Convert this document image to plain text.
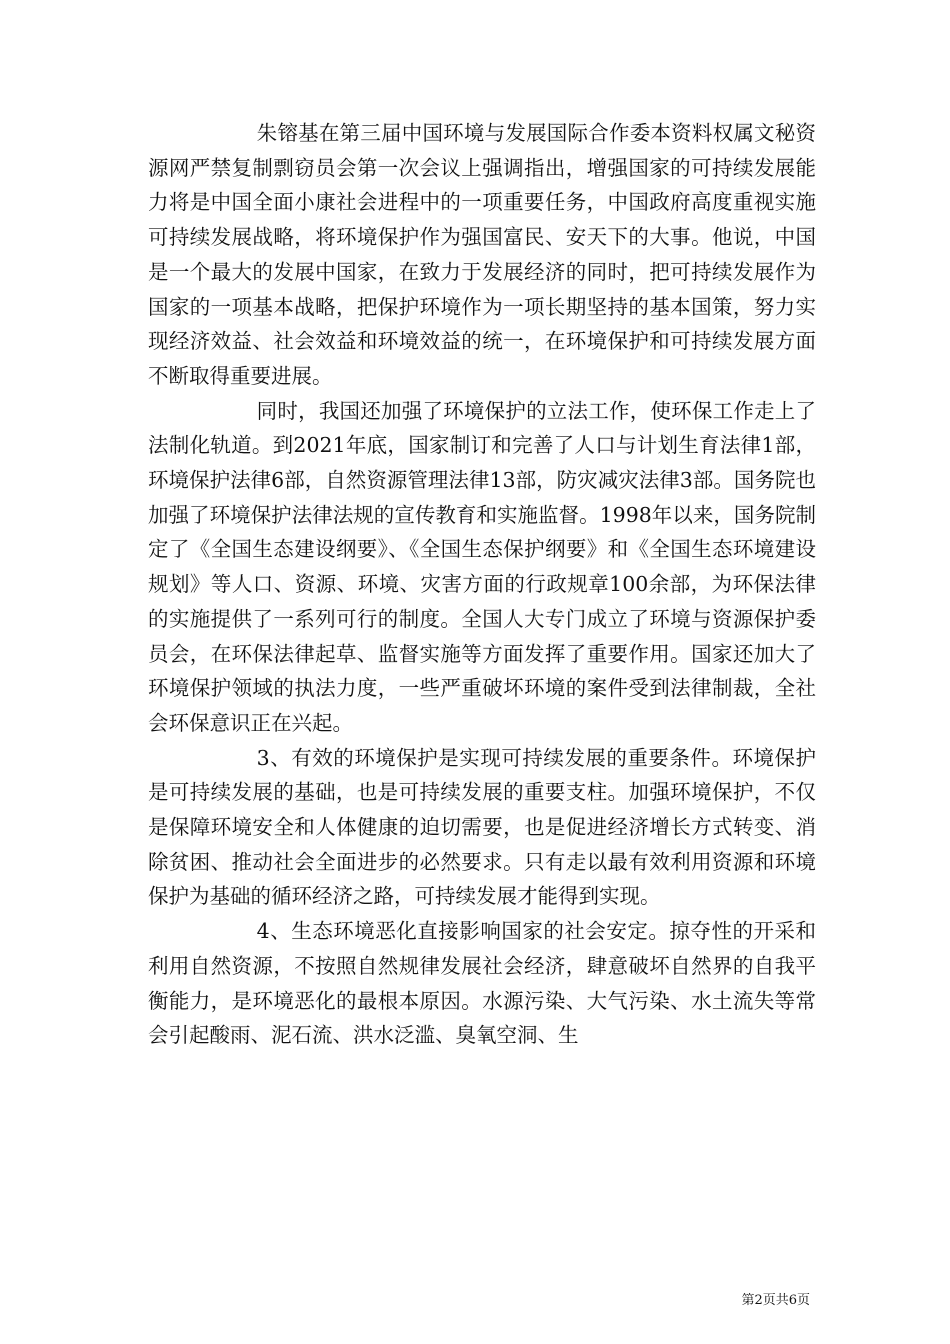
朱镕基在第三届中国环境与发展国际合作委本资料权属文秘资源网严禁复制剽窃员会第一次会议上强调指出，增强国家的可持续发展能力将是中国全面小康社会进程中的一项重要任务，中国政府高度重视实施可持续发展战略，将环境保护作为强国富民、安天下的大事。他说，中国是一个最大的发展中国家，在致力于发展经济的同时，把可持续发展作为国家的一项基本战略，把保护环境作为一项长期坚持的基本国策，努力实现经济效益、社会效益和环境效益的统一，在环境保护和可持续发展方面不断取得重要进展。

同时，我国还加强了环境保护的立法工作，使环保工作走上了法制化轨道。到2021年底，国家制订和完善了人口与计划生育法律1部，环境保护法律6部，自然资源管理法律13部，防灾减灾法律3部。国务院也加强了环境保护法律法规的宣传教育和实施监督。1998年以来，国务院制定了《全国生态建设纲要》、《全国生态保护纲要》和《全国生态环境建设规划》等人口、资源、环境、灾害方面的行政规章100余部，为环保法律的实施提供了一系列可行的制度。全国人大专门成立了环境与资源保护委员会，在环保法律起草、监督实施等方面发挥了重要作用。国家还加大了环境保护领域的执法力度，一些严重破坏环境的案件受到法律制裁，全社会环保意识正在兴起。

3、有效的环境保护是实现可持续发展的重要条件。环境保护是可持续发展的基础，也是可持续发展的重要支柱。加强环境保护，不仅是保障环境安全和人体健康的迫切需要，也是促进经济增长方式转变、消除贫困、推动社会全面进步的必然要求。只有走以最有效利用资源和环境保护为基础的循环经济之路，可持续发展才能得到实现。

4、生态环境恶化直接影响国家的社会安定。掠夺性的开采和利用自然资源，不按照自然规律发展社会经济，肆意破坏自然界的自我平衡能力，是环境恶化的最根本原因。水源污染、大气污染、水土流失等常会引起酸雨、泥石流、洪水泛滥、臭氧空洞、生

第2页共6页
